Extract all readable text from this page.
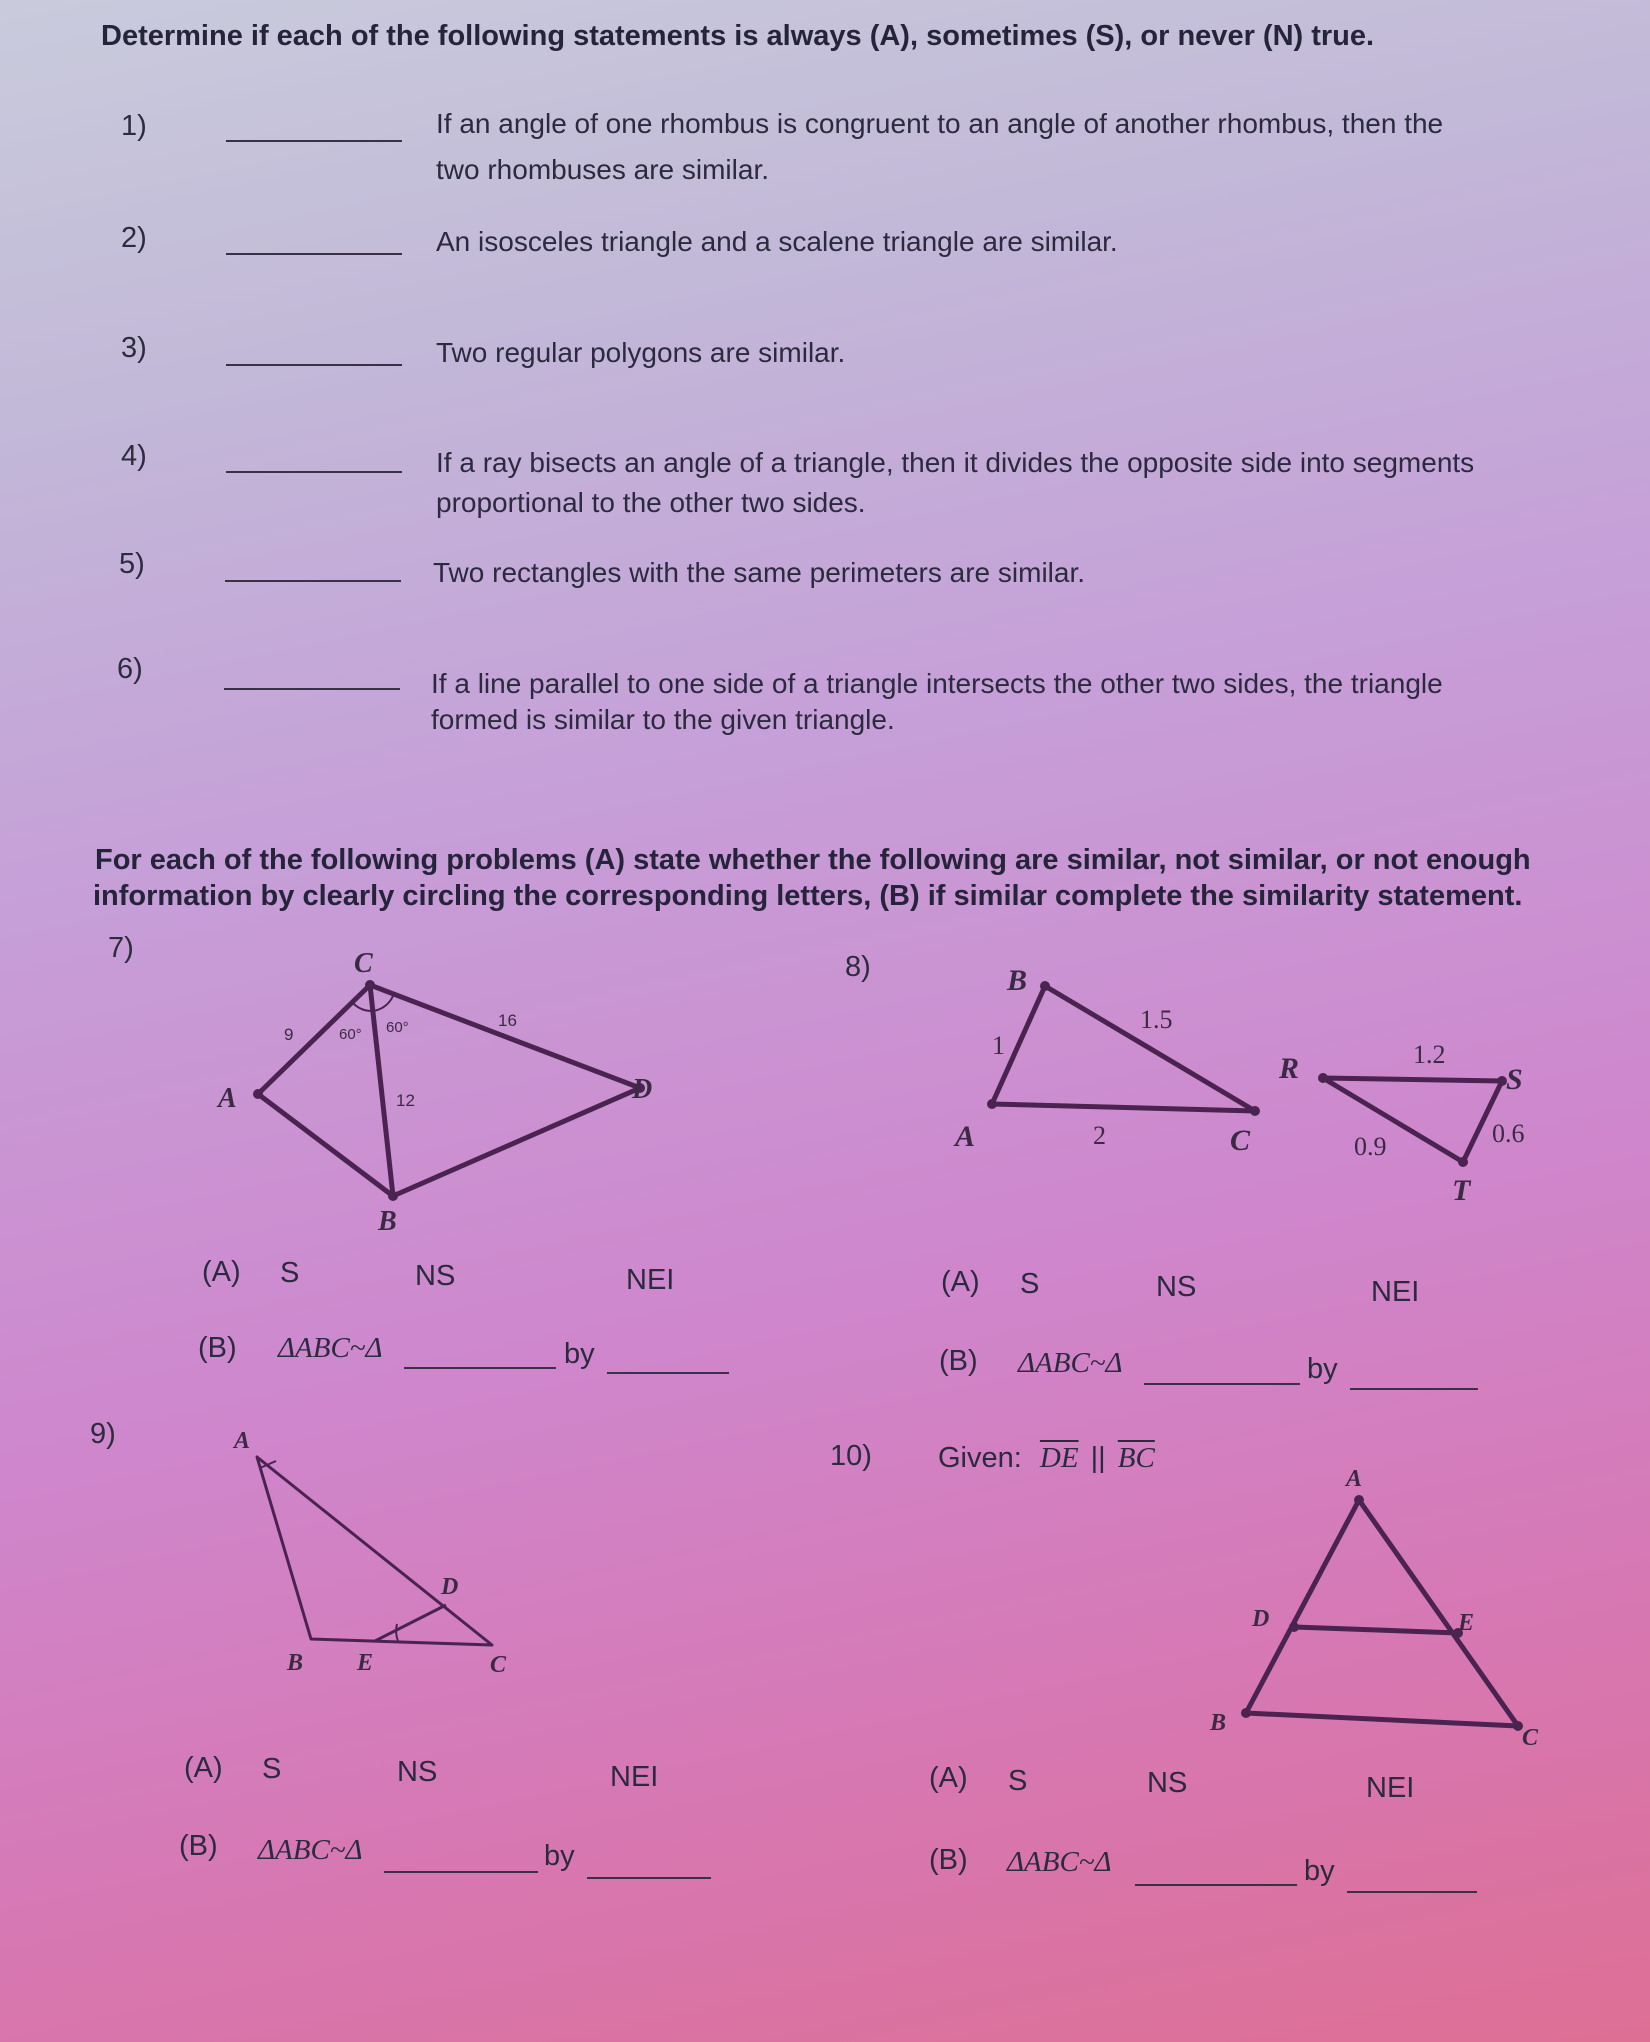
Determine if each of the following statements is always (A), sometimes (S), or never (N) true.
1)	If an angle of one rhombus is congruent to an angle of another rhombus, then the
two rhombuses are similar.
2)	An isosceles triangle and a scalene triangle are similar.
3)	Two regular polygons are similar.
4)	If a ray bisects an angle of a triangle, then it divides the opposite side into segments
proportional to the other two sides.
5)	Two rectangles with the same perimeters are similar.
6)	If a line parallel to one side of a triangle intersects the other two sides, the triangle
formed is similar to the given triangle.
For each of the following problems (A) state whether the following are similar, not similar, or not enough
information by clearly circling the corresponding letters, (B) if similar complete the similarity statement.
7)	C
A	D
B
9
16
12
60° 60°
(A) S	NS	NEI
(B) ΔABC~Δ	by
8)	B
A	C
1
1.5
2
R	S
T
1.2
0.6
0.9
(A) S	NS	NEI
(B) ΔABC~Δ	by
9)	A
B E	C
D
(A) S	NS	NEI
(B) ΔABC~Δ	by
10) Given: $\overline{DE}$ || $\overline{BC}$
A
D	E
B
C
(A) S	NS	NEI
(B) ΔABC~Δ	by
